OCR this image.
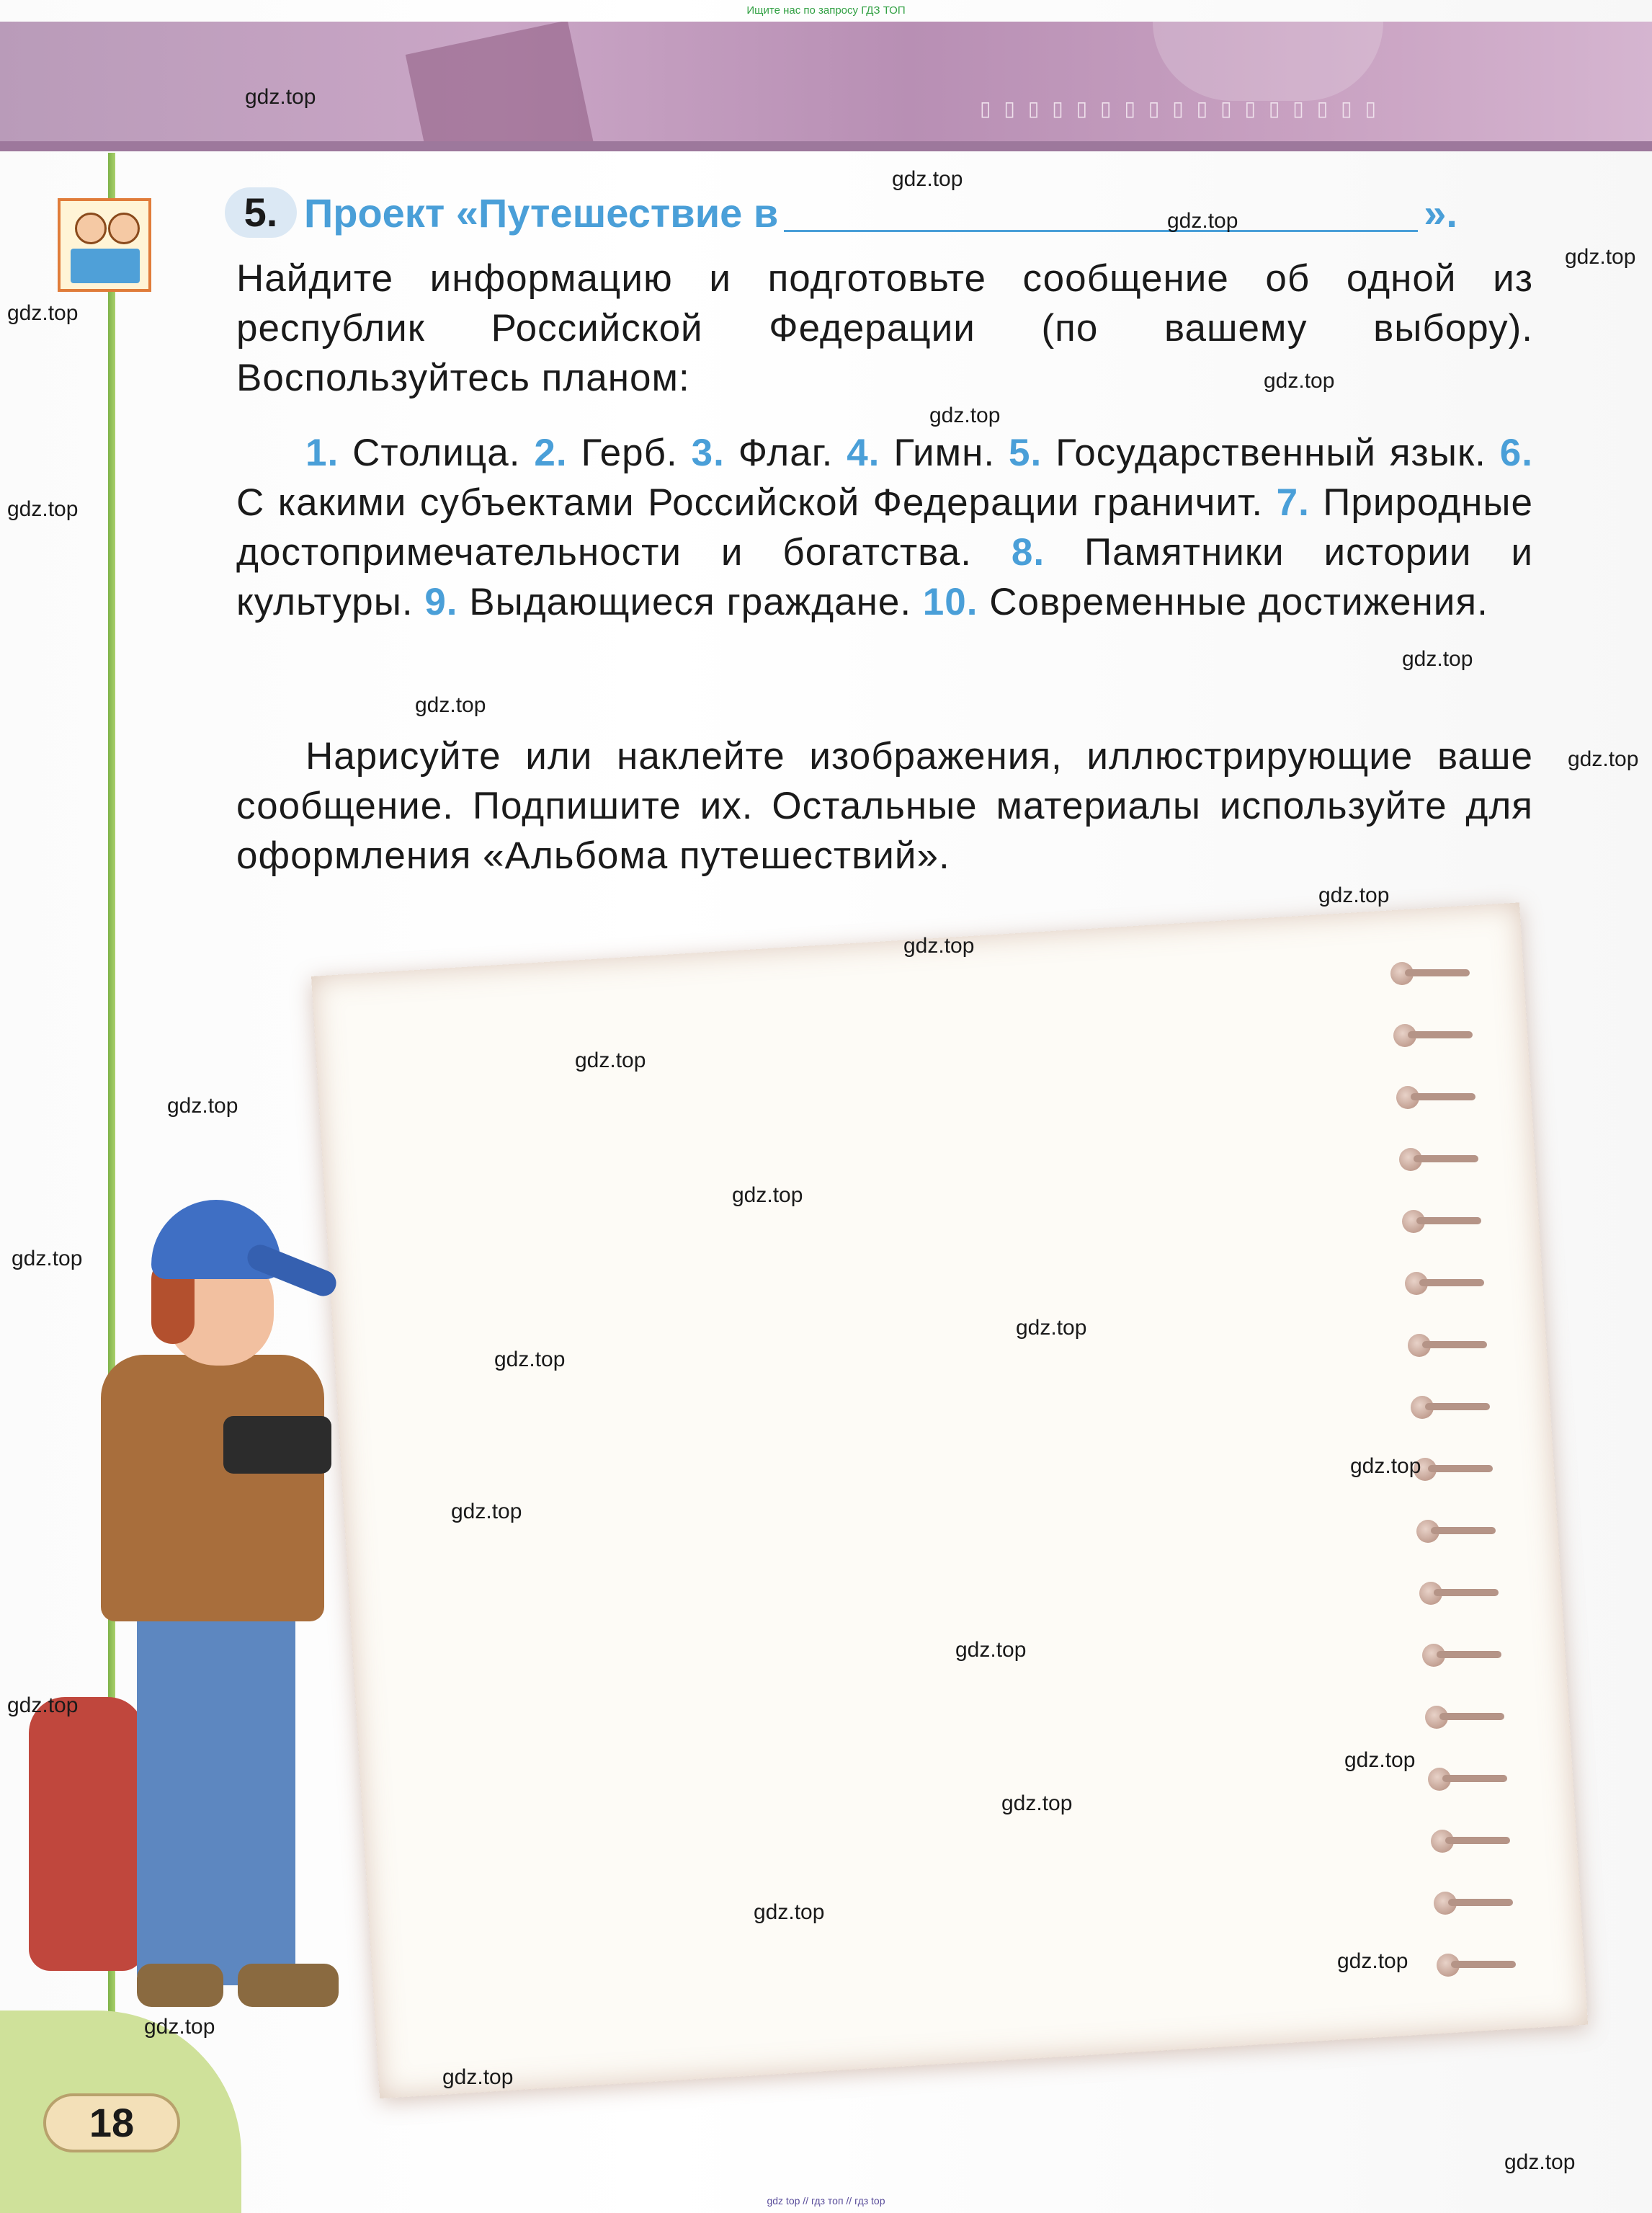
Ищите нас по запросу ГДЗ ТОП
▯▯▯▯▯▯▯▯▯▯▯▯▯▯▯▯▯
5. Проект «Путешествие в	».
Найдите информацию и подготовьте сообщение об одной из республик Российской Федерации (по вашему выбору). Воспользуйтесь планом:
1. Столица. 2. Герб. 3. Флаг. 4. Гимн. 5. Государственный язык. 6. С какими субъектами Российской Федерации граничит. 7. Природные достопримечательности и богатства. 8. Памятники истории и культуры. 9. Выдающиеся граждане. 10. Современные достижения.
Нарисуйте или наклейте изображения, иллюстрирующие ваше сообщение. Подпишите их. Остальные материалы используйте для оформления «Альбома путешествий».
18
gdz top // гдз топ // гдз top
gdz.top
gdz.top
gdz.top
gdz.top
gdz.top
gdz.top
gdz.top
gdz.top
gdz.top
gdz.top
gdz.top
gdz.top
gdz.top
gdz.top
gdz.top
gdz.top
gdz.top
gdz.top
gdz.top
gdz.top
gdz.top
gdz.top
gdz.top
gdz.top
gdz.top
gdz.top
gdz.top
gdz.top
gdz.top
gdz.top
